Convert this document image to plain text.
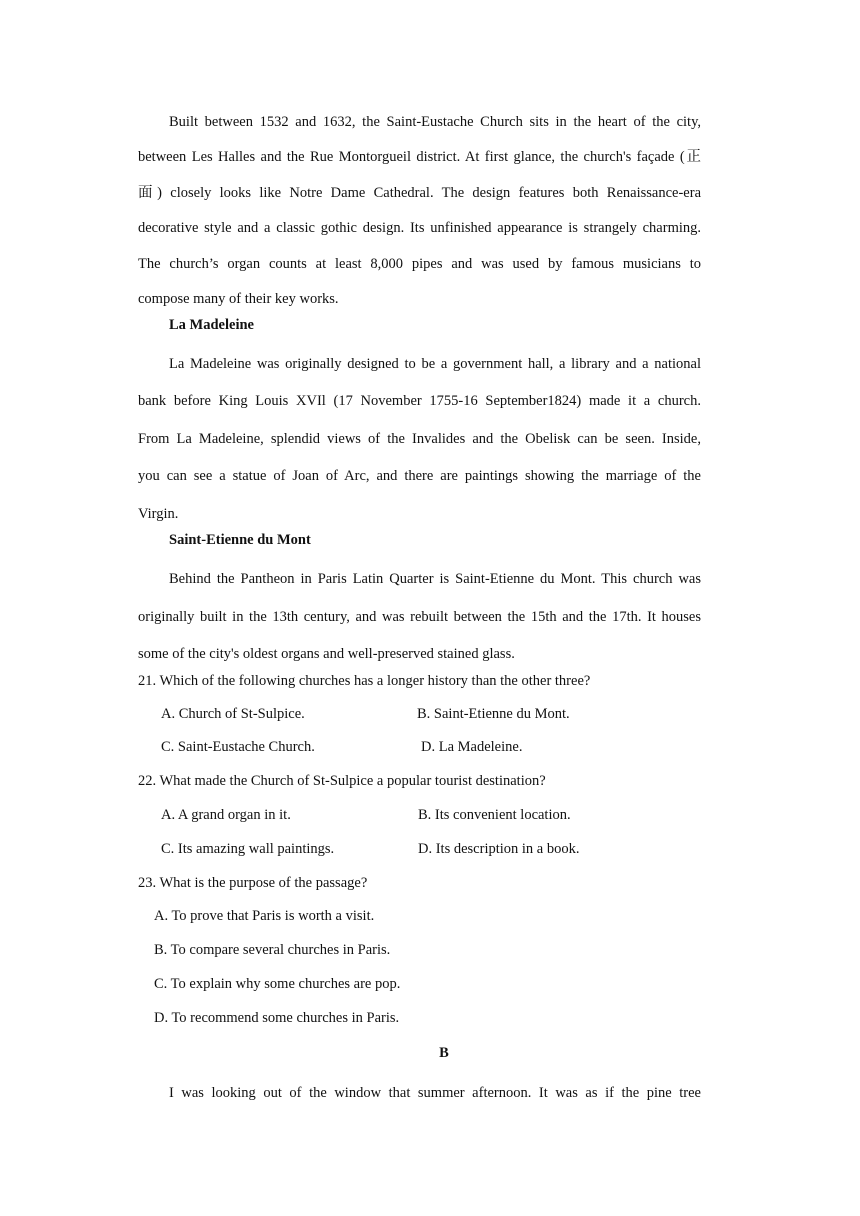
Built between 1532 and 1632, the Saint-Eustache Church sits in the heart of the city,

between Les Halles and the Rue Montorgueil district. At first glance, the church's façade (正

面) closely looks like Notre Dame Cathedral. The design features both Renaissance-era

decorative style and a classic gothic design. Its unfinished appearance is strangely charming.

The church’s organ counts at least 8,000 pipes and was used by famous musicians to

compose many of their key works.

La Madeleine

La Madeleine was originally designed to be a government hall, a library and a national

bank before King Louis XVIl (17 November 1755-16 September1824) made it a church.

From La Madeleine, splendid views of the Invalides and the Obelisk can be seen. Inside,

you can see a statue of Joan of Arc, and there are paintings showing the marriage of the

Virgin.

Saint-Etienne du Mont

Behind the Pantheon in Paris Latin Quarter is Saint-Etienne du Mont. This church was

originally built in the 13th century, and was rebuilt between the 15th and the 17th. It houses

some of the city's oldest organs and well-preserved stained glass.

21. Which of the following churches has a longer history than the other three?

A. Church of St-Sulpice.	B. Saint-Etienne du Mont.

C. Saint-Eustache Church.	D. La Madeleine.

22. What made the Church of St-Sulpice a popular tourist destination?

A. A grand organ in it.	B. Its convenient location.

C. Its amazing wall paintings.	D. Its description in a book.

23. What is the purpose of the passage?

A. To prove that Paris is worth a visit.

B. To compare several churches in Paris.

C. To explain why some churches are pop.

D. To recommend some churches in Paris.

B

I was looking out of the window that summer afternoon. It was as if the pine tree
